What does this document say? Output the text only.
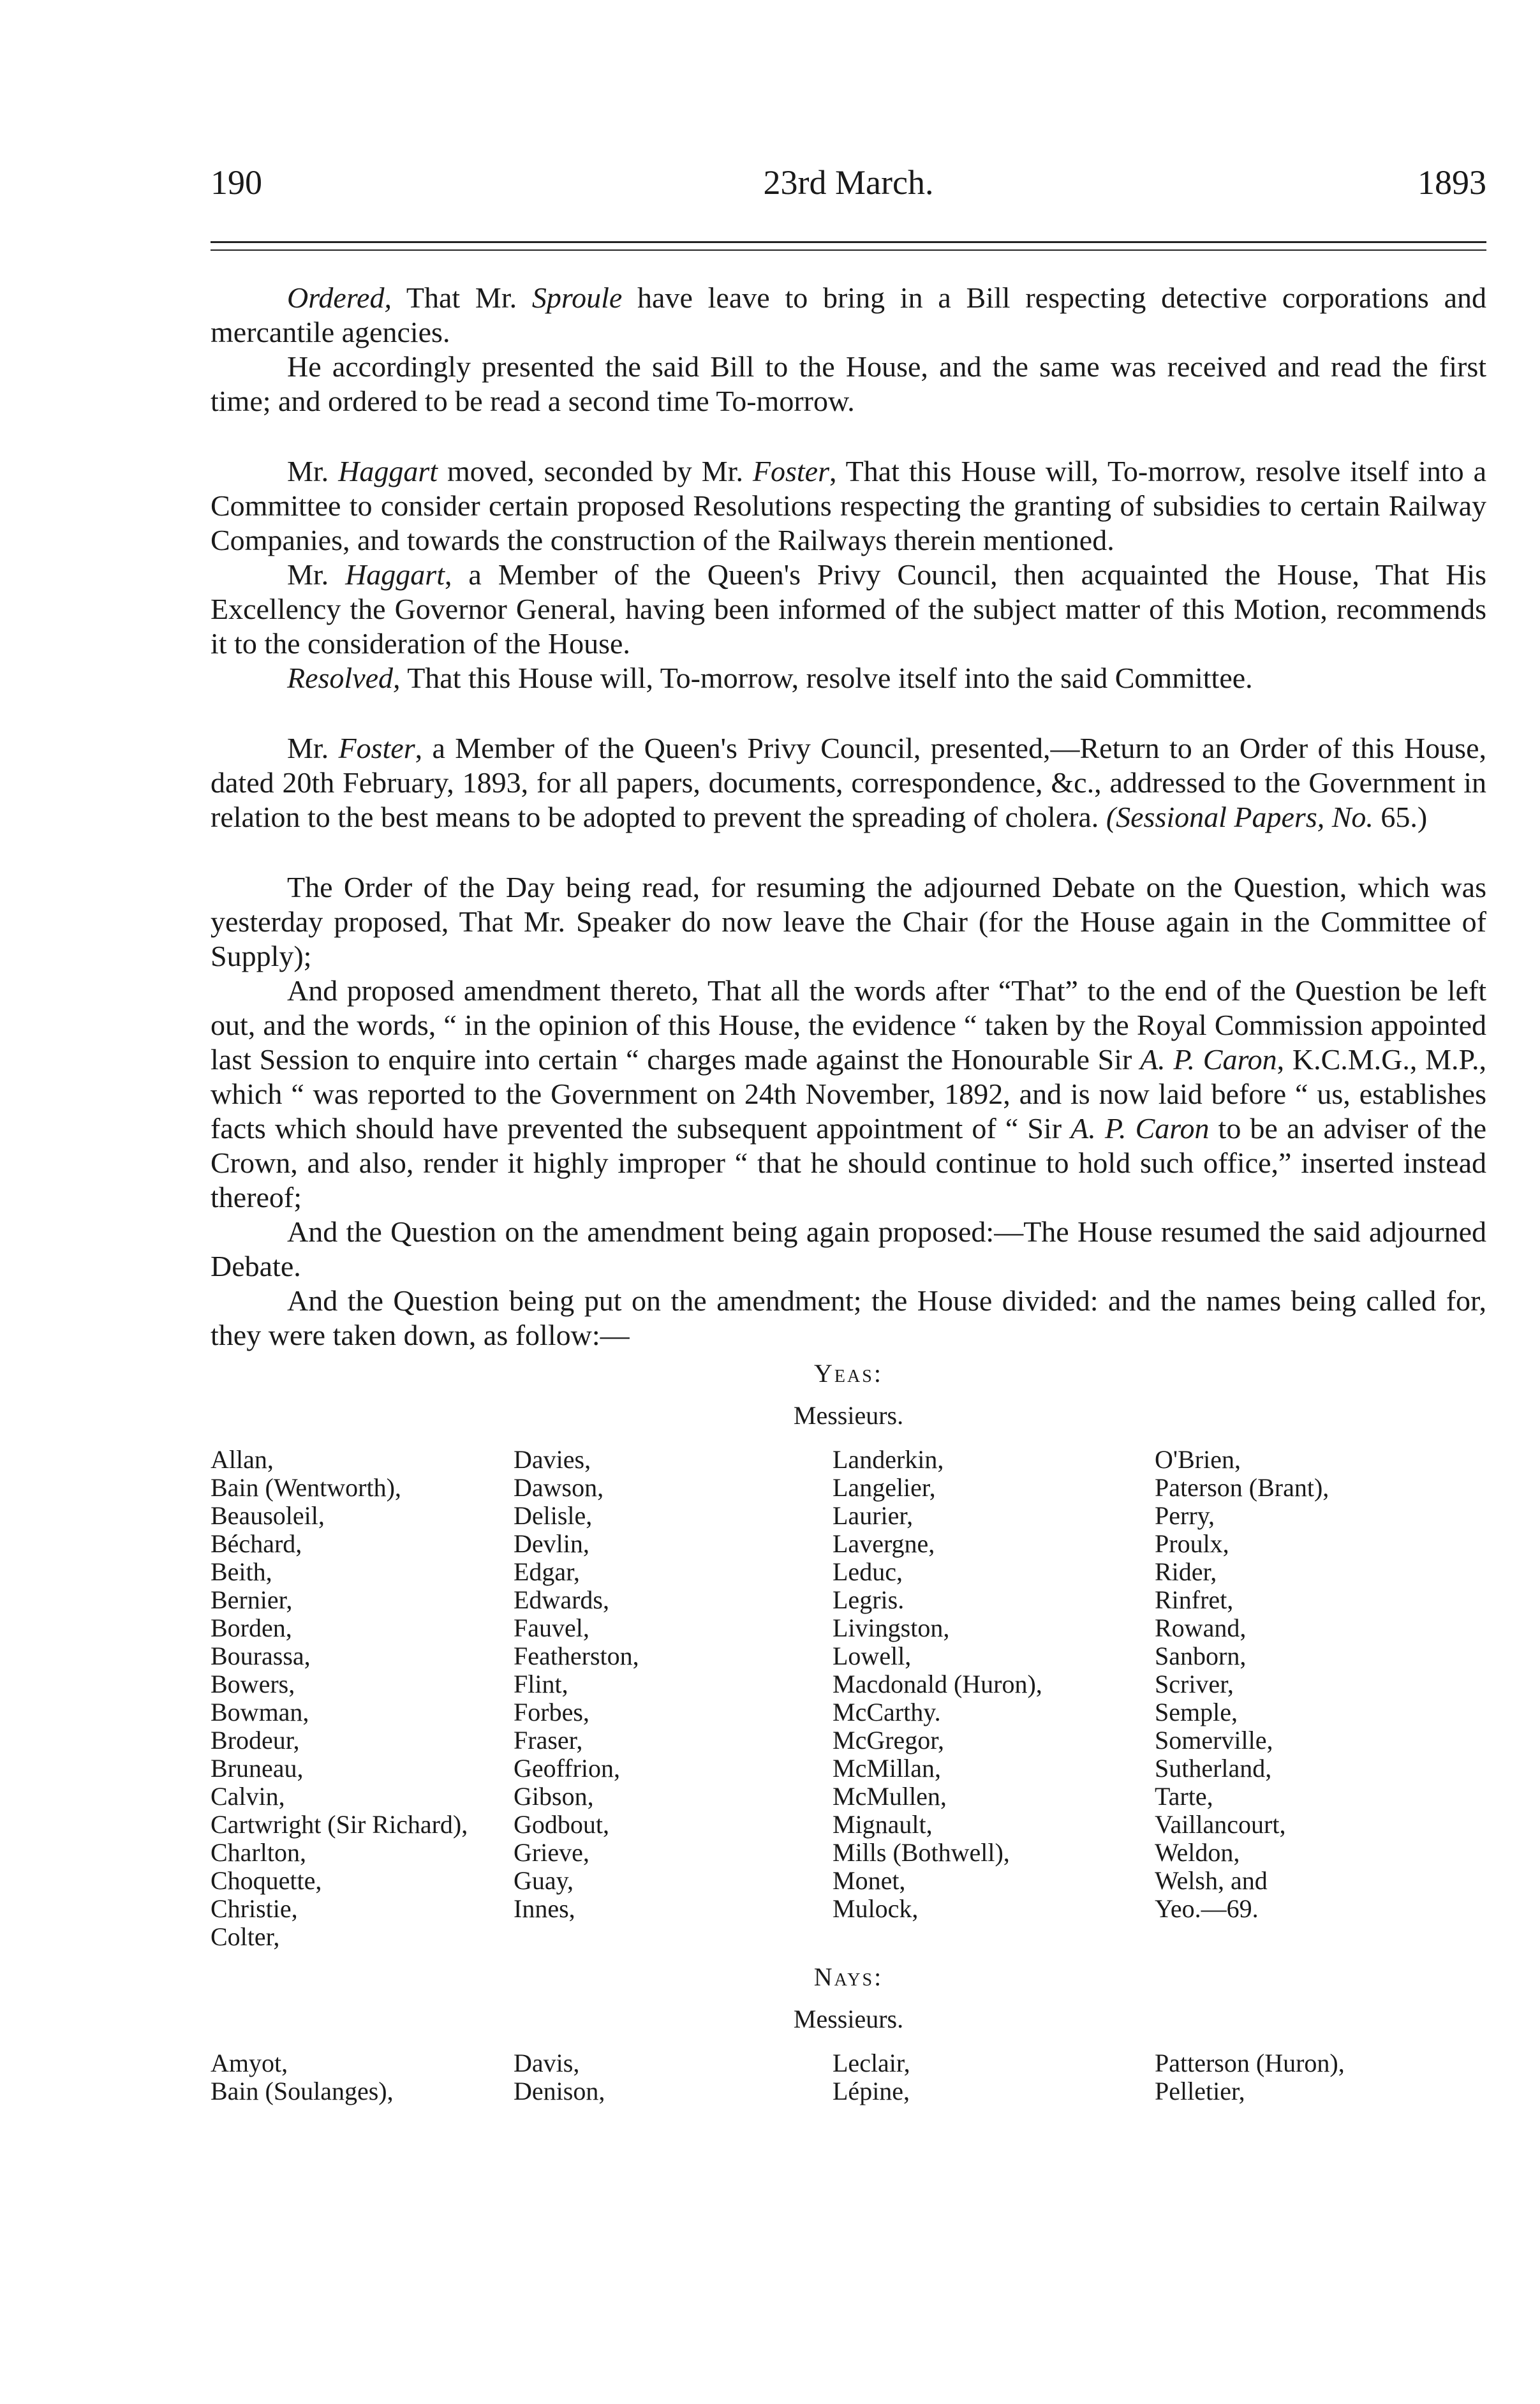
190	23rd March.	1893

Ordered, That Mr. Sproule have leave to bring in a Bill respecting detective corporations and mercantile agencies.

He accordingly presented the said Bill to the House, and the same was received and read the first time; and ordered to be read a second time To-morrow.

Mr. Haggart moved, seconded by Mr. Foster, That this House will, To-morrow, resolve itself into a Committee to consider certain proposed Resolutions respecting the granting of subsidies to certain Railway Companies, and towards the construction of the Railways therein mentioned.

Mr. Haggart, a Member of the Queen's Privy Council, then acquainted the House, That His Excellency the Governor General, having been informed of the subject matter of this Motion, recommends it to the consideration of the House.

Resolved, That this House will, To-morrow, resolve itself into the said Committee.

Mr. Foster, a Member of the Queen's Privy Council, presented,—Return to an Order of this House, dated 20th February, 1893, for all papers, documents, correspondence, &c., addressed to the Government in relation to the best means to be adopted to prevent the spreading of cholera. (Sessional Papers, No. 65.)

The Order of the Day being read, for resuming the adjourned Debate on the Question, which was yesterday proposed, That Mr. Speaker do now leave the Chair (for the House again in the Committee of Supply);

And proposed amendment thereto, That all the words after “That” to the end of the Question be left out, and the words, “ in the opinion of this House, the evidence “ taken by the Royal Commission appointed last Session to enquire into certain “ charges made against the Honourable Sir A. P. Caron, K.C.M.G., M.P., which “ was reported to the Government on 24th November, 1892, and is now laid before “ us, establishes facts which should have prevented the subsequent appointment of “ Sir A. P. Caron to be an adviser of the Crown, and also, render it highly improper “ that he should continue to hold such office,” inserted instead thereof;

And the Question on the amendment being again proposed:—The House resumed the said adjourned Debate.

And the Question being put on the amendment; the House divided: and the names being called for, they were taken down, as follow:—

Yeas:
Messieurs.
Allan,
Bain (Wentworth),
Beausoleil,
Béchard,
Beith,
Bernier,
Borden,
Bourassa,
Bowers,
Bowman,
Brodeur,
Bruneau,
Calvin,
Cartwright (Sir Richard),
Charlton,
Choquette,
Christie,
Colter,
Davies,
Dawson,
Delisle,
Devlin,
Edgar,
Edwards,
Fauvel,
Featherston,
Flint,
Forbes,
Fraser,
Geoffrion,
Gibson,
Godbout,
Grieve,
Guay,
Innes,
Landerkin,
Langelier,
Laurier,
Lavergne,
Leduc,
Legris.
Livingston,
Lowell,
Macdonald (Huron),
McCarthy.
McGregor,
McMillan,
McMullen,
Mignault,
Mills (Bothwell),
Monet,
Mulock,
O'Brien,
Paterson (Brant),
Perry,
Proulx,
Rider,
Rinfret,
Rowand,
Sanborn,
Scriver,
Semple,
Somerville,
Sutherland,
Tarte,
Vaillancourt,
Weldon,
Welsh, and
Yeo.—69.
Nays:
Messieurs.
Amyot,
Bain (Soulanges),
Davis,
Denison,
Leclair,
Lépine,
Patterson (Huron),
Pelletier,
